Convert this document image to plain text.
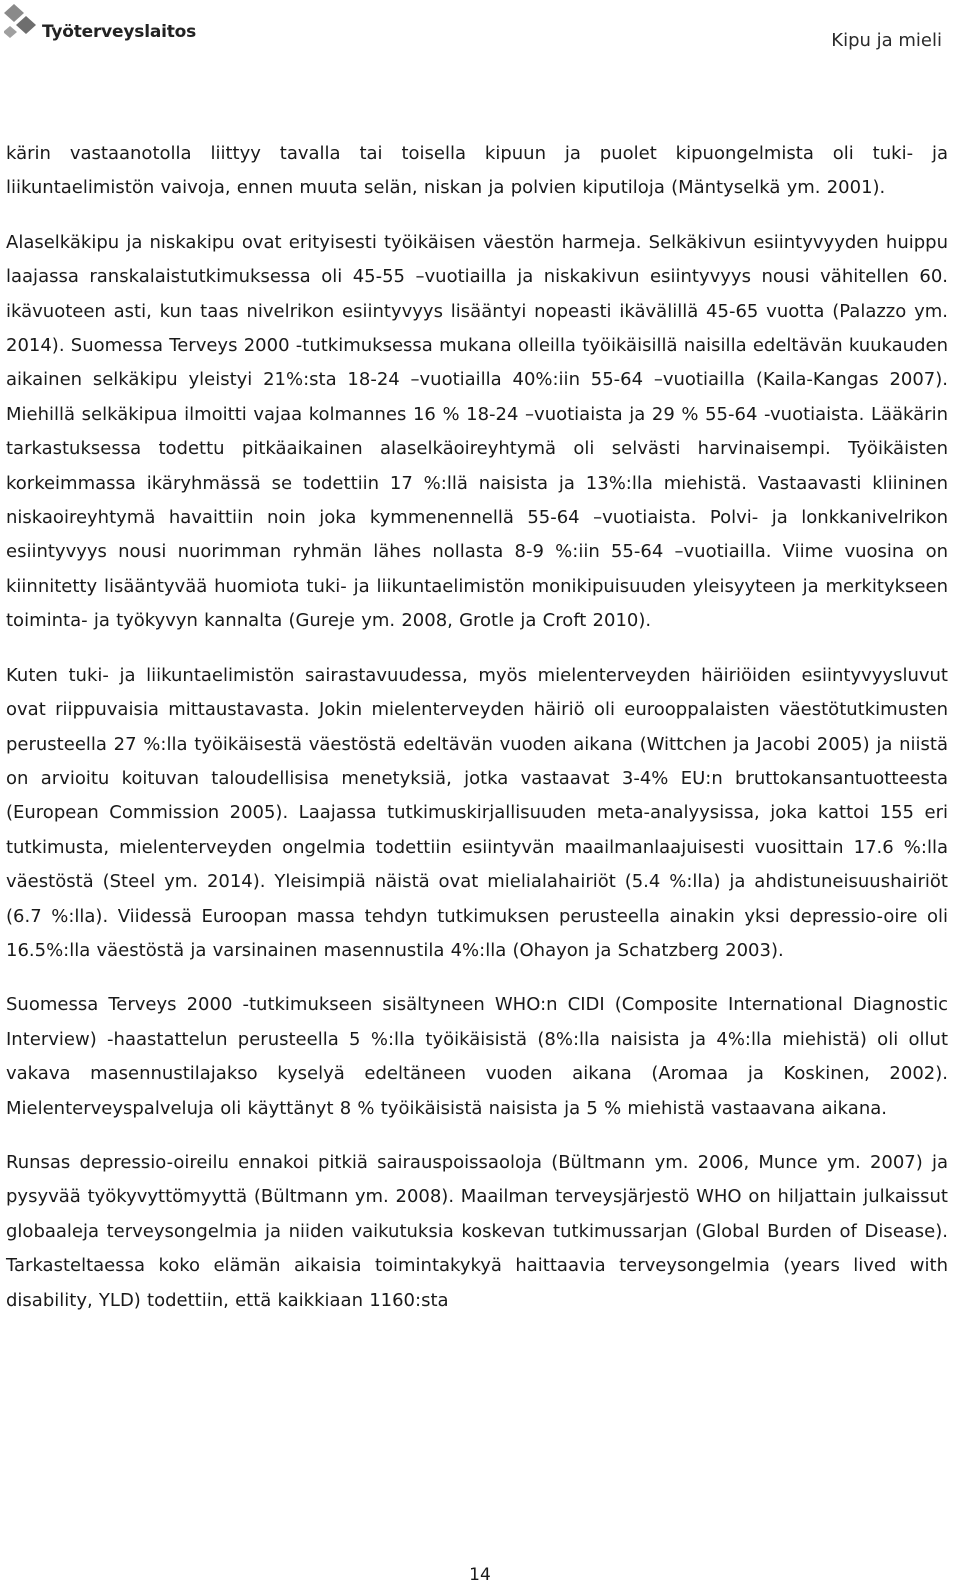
Työterveyslaitos	Kipu ja mieli

kärin vastaanotolla liittyy tavalla tai toisella kipuun ja puolet kipuongelmista oli tuki- ja liikuntaelimistön vaivoja, ennen muuta selän, niskan ja polvien kiputiloja (Mäntyselkä ym. 2001).

Alaselkäkipu ja niskakipu ovat erityisesti työikäisen väestön harmeja. Selkäkivun esiintyvyyden huippu laajassa ranskalaistutkimuksessa oli 45-55 –vuotiailla ja niskakivun esiintyvyys nousi vähitellen 60. ikävuoteen asti, kun taas nivelrikon esiintyvyys lisääntyi nopeasti ikävälillä 45-65 vuotta (Palazzo ym. 2014). Suomessa Terveys 2000 -tutkimuksessa mukana olleilla työikäisillä naisilla edeltävän kuukauden aikainen selkäkipu yleistyi 21%:sta 18-24 –vuotiailla 40%:iin 55-64 –vuotiailla (Kaila-Kangas 2007). Miehillä selkäkipua ilmoitti vajaa kolmannes 16 % 18-24 –vuotiaista ja 29 % 55-64 -vuotiaista. Lääkärin tarkastuksessa todettu pitkäaikainen alaselkäoireyhtymä oli selvästi harvinaisempi. Työikäisten korkeimmassa ikäryhmässä se todettiin 17 %:llä naisista ja 13%:lla miehistä. Vastaavasti kliininen niskaoireyhtymä havaittiin noin joka kymmenennellä 55-64 –vuotiaista. Polvi- ja lonkkanivelrikon esiintyvyys nousi nuorimman ryhmän lähes nollasta 8-9 %:iin 55-64 –vuotiailla. Viime vuosina on kiinnitetty lisääntyvää huomiota tuki- ja liikuntaelimistön monikipuisuuden yleisyyteen ja merkitykseen toiminta- ja työkyvyn kannalta (Gureje ym. 2008, Grotle ja Croft 2010).

Kuten tuki- ja liikuntaelimistön sairastavuudessa, myös mielenterveyden häiriöiden esiintyvyysluvut ovat riippuvaisia mittaustavasta. Jokin mielenterveyden häiriö oli eurooppalaisten väestötutkimusten perusteella 27 %:lla työikäisestä väestöstä edeltävän vuoden aikana (Wittchen ja Jacobi 2005) ja niistä on arvioitu koituvan taloudellisisa menetyksiä, jotka vastaavat 3-4% EU:n bruttokansantuotteesta (European Commission 2005). Laajassa tutkimuskirjallisuuden meta-analyysissa, joka kattoi 155 eri tutkimusta, mielenterveyden ongelmia todettiin esiintyvän maailmanlaajuisesti vuosittain 17.6 %:lla väestöstä (Steel ym. 2014). Yleisimpiä näistä ovat mielialahairiöt (5.4 %:lla) ja ahdistuneisuushairiöt (6.7 %:lla). Viidessä Euroopan massa tehdyn tutkimuksen perusteella ainakin yksi depressio-oire oli 16.5%:lla väestöstä ja varsinainen masennustila 4%:lla (Ohayon ja Schatzberg 2003).

Suomessa Terveys 2000 -tutkimukseen sisältyneen WHO:n CIDI (Composite International Diagnostic Interview) -haastattelun perusteella 5 %:lla työikäisistä (8%:lla naisista ja 4%:lla miehistä) oli ollut vakava masennustilajakso kyselyä edeltäneen vuoden aikana (Aromaa ja Koskinen, 2002). Mielenterveyspalveluja oli käyttänyt 8 % työikäisistä naisista ja 5 % miehistä vastaavana aikana.

Runsas depressio-oireilu ennakoi pitkiä sairauspoissaoloja (Bültmann ym. 2006, Munce ym. 2007) ja pysyvää työkyvyttömyyttä (Bültmann ym. 2008). Maailman terveysjärjestö WHO on hiljattain julkaissut globaaleja terveysongelmia ja niiden vaikutuksia koskevan tutkimussarjan (Global Burden of Disease). Tarkasteltaessa koko elämän aikaisia toimintakykyä haittaavia terveysongelmia (years lived with disability, YLD) todettiin, että kaikkiaan 1160:sta

14
